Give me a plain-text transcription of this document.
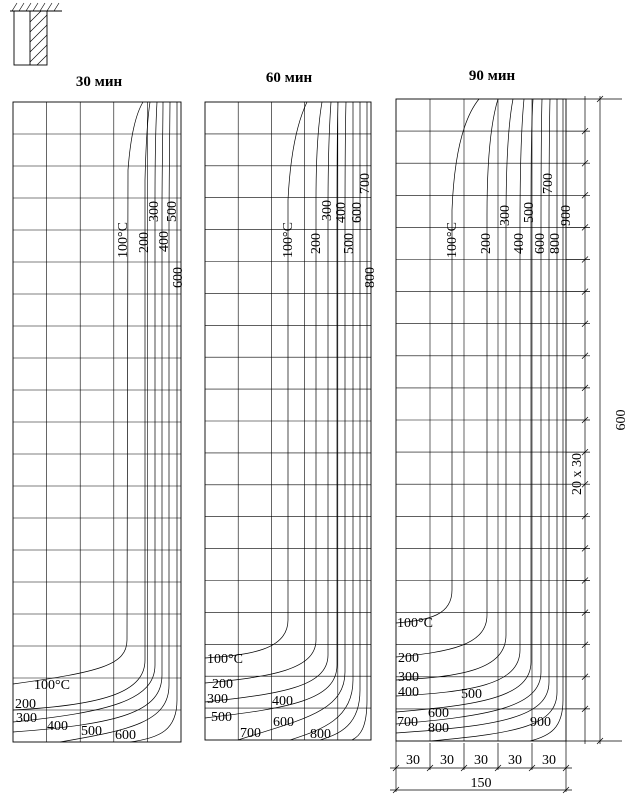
30 мин	60 мин	90 мин
100°C 200
300
400
500
600
100°C
200
300
400 500 600
100°C 200
300 400
500
600
700
800
100°C
200
300	400
500	600
700	800
100°C 200
300
400
500
600
700
800
900
100°C
200
300
400	500
600
700 800	900
30 30 30 30 30
150
20 x 30
600
